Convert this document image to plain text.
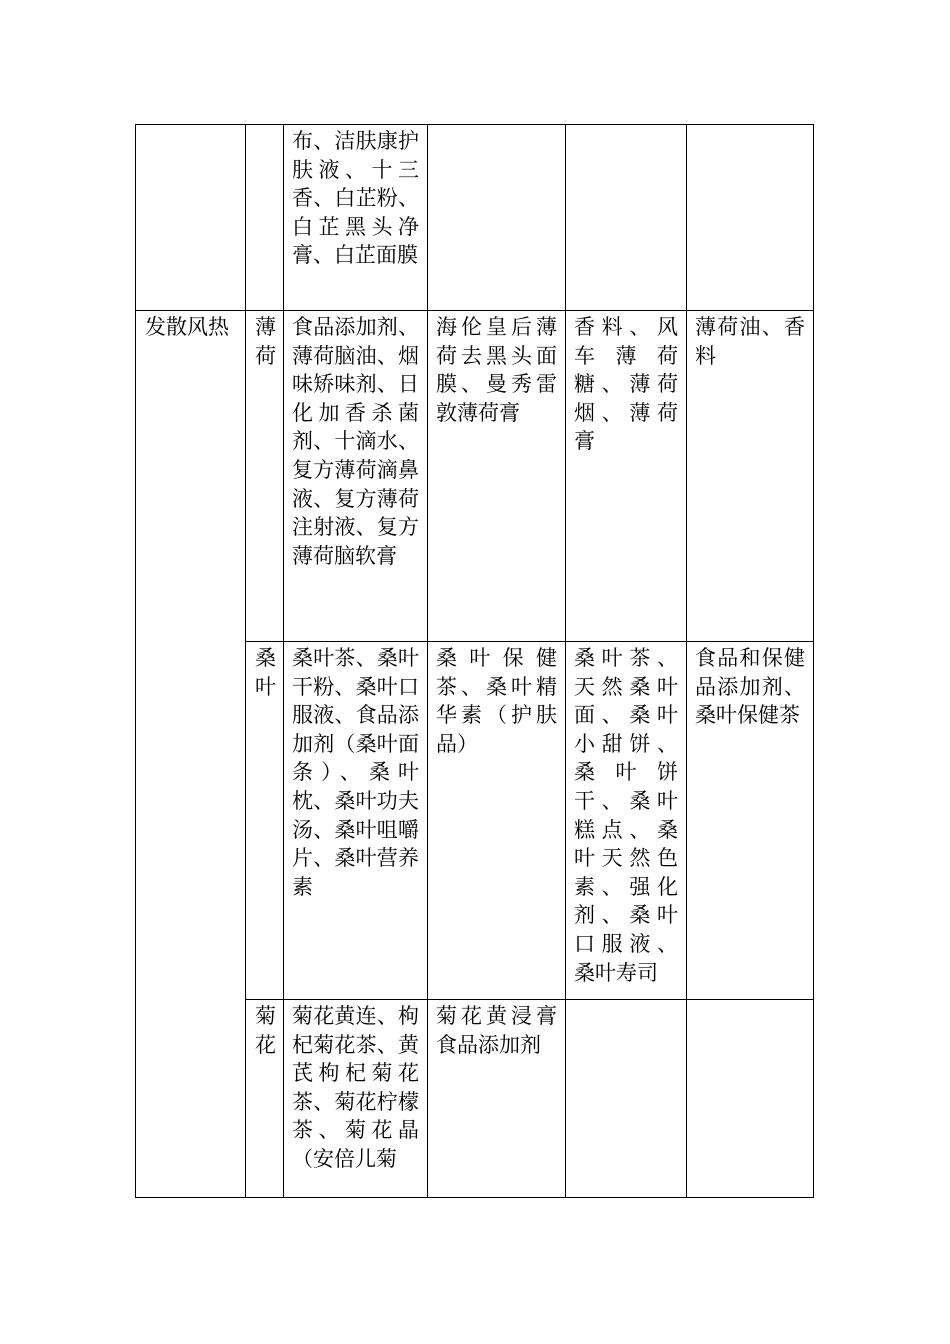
		布、洁肤康护肤液、十三香、白芷粉、白芷黑头净膏、白芷面膜			

发散风热	薄荷	食品添加剂、薄荷脑油、烟味矫味剂、日化加香杀菌剂、十滴水、复方薄荷滴鼻液、复方薄荷注射液、复方薄荷脑软膏	海伦皇后薄荷去黑头面膜、曼秀雷敦薄荷膏	香料、风车薄荷糖、薄荷烟、薄荷膏	薄荷油、香料

	桑叶	桑叶茶、桑叶干粉、桑叶口服液、食品添加剂（桑叶面条）、桑叶枕、桑叶功夫汤、桑叶咀嚼片、桑叶营养素	桑叶保健茶、桑叶精华素（护肤品）	桑叶茶、天然桑叶面、桑叶小甜饼、桑叶饼干、桑叶糕点、桑叶天然色素、强化剂、桑叶口服液、桑叶寿司	食品和保健品添加剂、桑叶保健茶

	菊花	菊花黄连、枸杞菊花茶、黄芪枸杞菊花茶、菊花柠檬茶、菊花晶（安倍儿菊	菊花黄浸膏食品添加剂		
